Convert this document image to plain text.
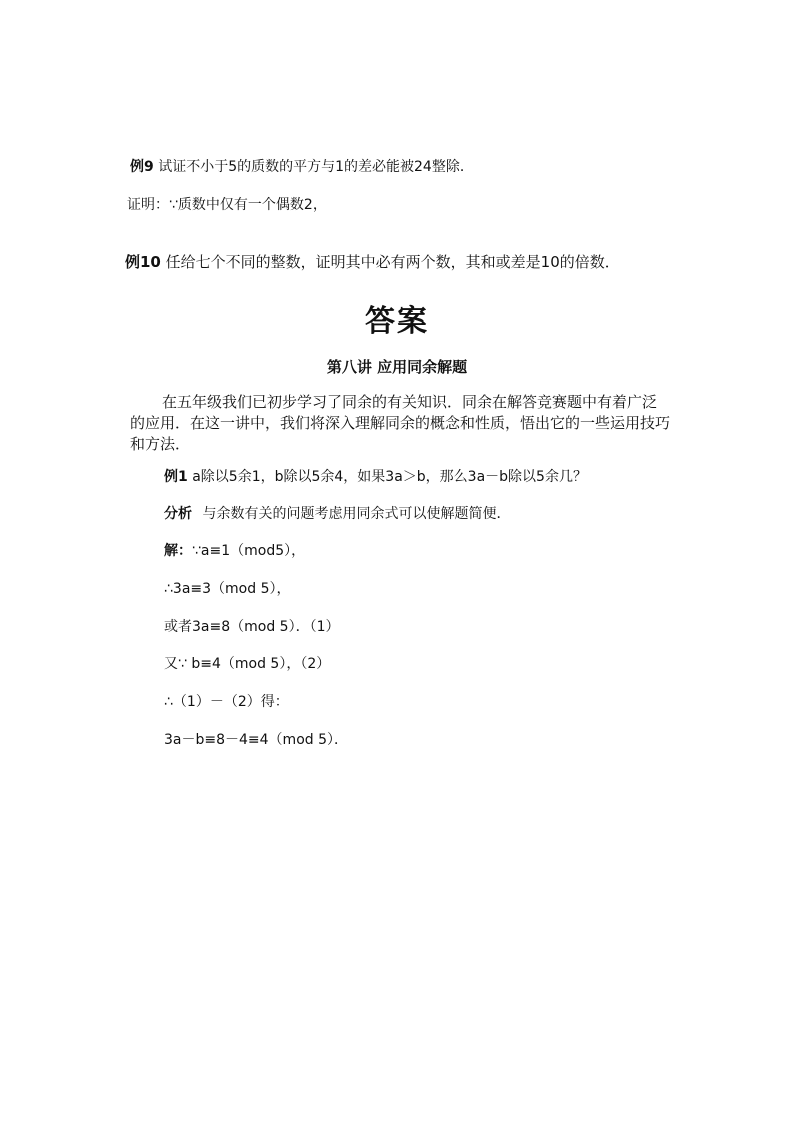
例9 试证不小于5的质数的平方与1的差必能被24整除．
证明：∵质数中仅有一个偶数2，
例10 任给七个不同的整数，证明其中必有两个数，其和或差是10的倍数．
答案
第八讲 应用同余解题
在五年级我们已初步学习了同余的有关知识．同余在解答竞赛题中有着广泛的应用．在这一讲中，我们将深入理解同余的概念和性质，悟出它的一些运用技巧和方法．
例1 a除以5余1，b除以5余4，如果3a＞b，那么3a－b除以5余几？
分析 与余数有关的问题考虑用同余式可以使解题简便．
解：∵a≡1（mod5），
∴3a≡3（mod 5），
或者3a≡8（mod 5）．（1）
又∵ b≡4（mod 5），（2）
∴（1）－（2）得：
3a－b≡8－4≡4（mod 5）．
